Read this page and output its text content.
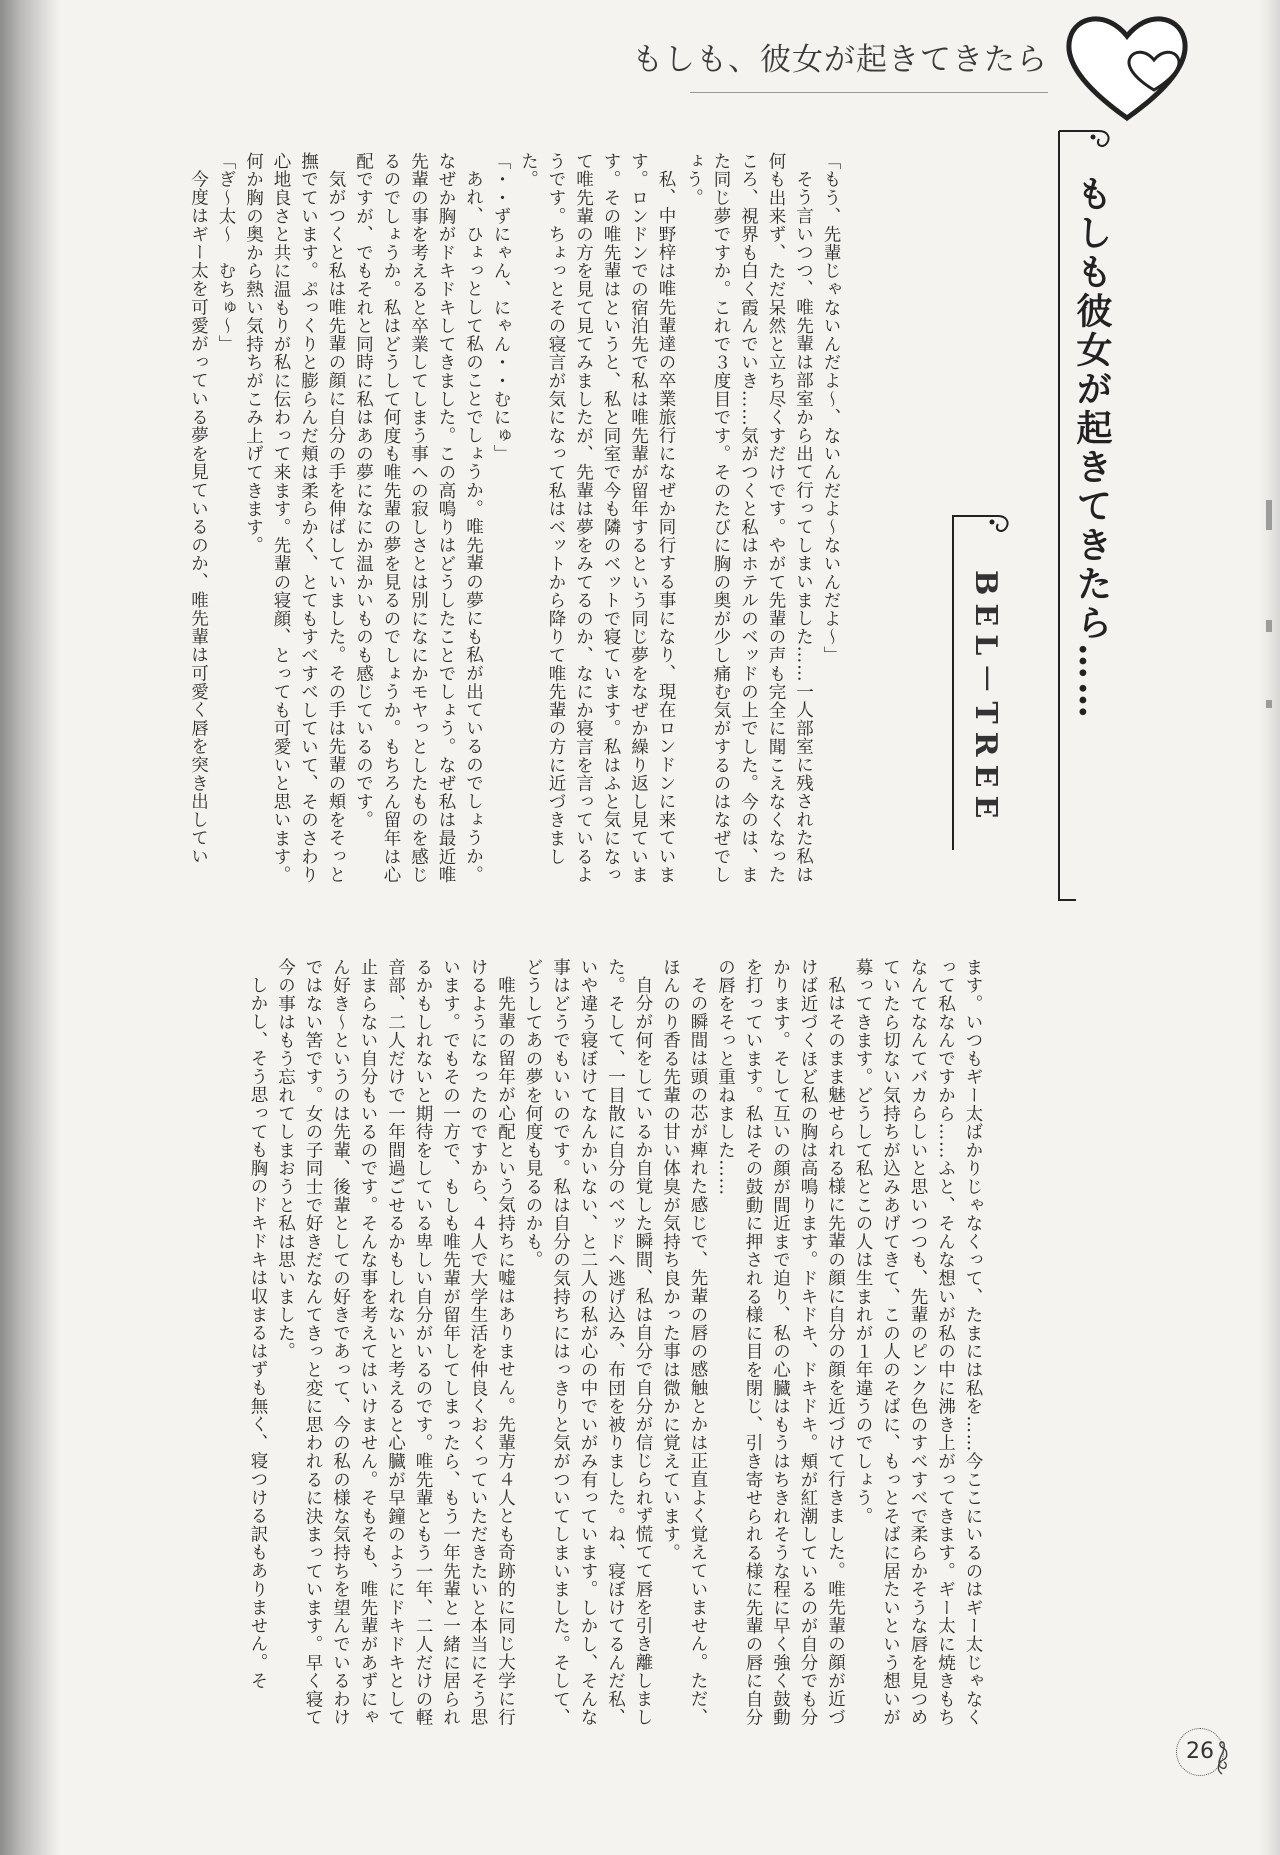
もしも、彼女が起きてきたら
もしも彼女が起きてきたら……
BEL－TREE

「もう、先輩じゃないんだよ〜、ないんだよ〜ないんだよ〜」

そう言いつつ、唯先輩は部室から出て行ってしまいました……一人部室に残された私は何も出来ず、ただ呆然と立ち尽くすだけです。やがて先輩の声も完全に聞こえなくなったころ、視界も白く霞んでいき……気がつくと私はホテルのベッドの上でした。今のは、また同じ夢ですか。これで３度目です。そのたびに胸の奥が少し痛む気がするのはなぜでしょう。

私、中野梓は唯先輩達の卒業旅行になぜか同行する事になり、現在ロンドンに来ています。ロンドンでの宿泊先で私は唯先輩が留年するという同じ夢をなぜか繰り返し見ています。その唯先輩はというと、私と同室で今も隣のベットで寝ています。私はふと気になって唯先輩の方を見て見てみましたが、先輩は夢をみてるのか、なにか寝言を言っているようです。ちょっとその寝言が気になって私はベットから降りて唯先輩の方に近づきました。

「・・ずにゃん、にゃん・・むにゅ」

あれ、ひょっとして私のことでしょうか。唯先輩の夢にも私が出ているのでしょうか。なぜか胸がドキドキしてきました。この高鳴りはどうしたことでしょう。なぜ私は最近唯先輩の事を考えると卒業してしまう事への寂しさとは別になにかモヤっとしたものを感じるのでしょうか。私はどうして何度も唯先輩の夢を見るのでしょうか。もちろん留年は心配ですが、でもそれと同時に私はあの夢になにか温かいものも感じているのです。

気がつくと私は唯先輩の顔に自分の手を伸ばしていました。その手は先輩の頬をそっと撫でています。ぷっくりと膨らんだ頬は柔らかく、とてもすべすべしていて、そのさわり心地良さと共に温もりが私に伝わって来ます。先輩の寝顔、とっても可愛いと思います。何か胸の奥から熱い気持ちがこみ上げてきます。

「ぎ〜太〜　むちゅ〜」

今度はギー太を可愛がっている夢を見ているのか、唯先輩は可愛く唇を突き出してい

ます。いつもギー太ばかりじゃなくって、たまには私を……今ここにいるのはギー太じゃなくって私なんですから……ふと、そんな想いが私の中に沸き上がってきます。ギー太に焼きもちなんてなんてバカらしいと思いつつも、先輩のピンク色のすべすべで柔らかそうな唇を見つめていたら切ない気持ちが込みあげてきて、この人のそばに、もっとそばに居たいという想いが募ってきます。どうして私とこの人は生まれが１年違うのでしょう。

私はそのまま魅せられる様に先輩の顔に自分の顔を近づけて行きました。唯先輩の顔が近づけば近づくほど私の胸は高鳴ります。ドキドキ、ドキドキ。頬が紅潮しているのが自分でも分かります。そして互いの顔が間近まで迫り、私の心臓はもうはちきれそうな程に早く強く鼓動を打っています。私はその鼓動に押される様に目を閉じ、引き寄せられる様に先輩の唇に自分の唇をそっと重ねました……

その瞬間は頭の芯が痺れた感じで、先輩の唇の感触とかは正直よく覚えていません。ただ、ほんのり香る先輩の甘い体臭が気持ち良かった事は微かに覚えています。

自分が何をしているか自覚した瞬間、私は自分で自分が信じられず慌てて唇を引き離しました。そして、一目散に自分のベッドへ逃げ込み、布団を被りました。ね、寝ぼけてるんだ私、いや違う寝ぼけてなんかいない、と二人の私が心の中でいがみ有っています。しかし、そんな事はどうでもいいのです。私は自分の気持ちにはっきりと気がついてしまいました。そして、どうしてあの夢を何度も見るのかも。

唯先輩の留年が心配という気持ちに嘘はありません。先輩方４人とも奇跡的に同じ大学に行けるようになったのですから、４人で大学生活を仲良くおくっていただきたいと本当にそう思います。でもその一方で、もしも唯先輩が留年してしまったら、もう一年先輩と一緒に居られるかもしれないと期待をしている卑しい自分がいるのです。唯先輩ともう一年、二人だけの軽音部、二人だけで一年間過ごせるかもしれないと考えると心臓が早鐘のようにドキドキとして止まらない自分もいるのです。そんな事を考えてはいけません。そもそも、唯先輩があずにゃん好き〜というのは先輩、後輩としての好きであって、今の私の様な気持ちを望んでいるわけではない筈です。女の子同士で好きだなんてきっと変に思われるに決まっています。早く寝て今の事はもう忘れてしまおうと私は思いました。

しかし、そう思っても胸のドキドキは収まるはずも無く、寝つける訳もありません。そ

26
